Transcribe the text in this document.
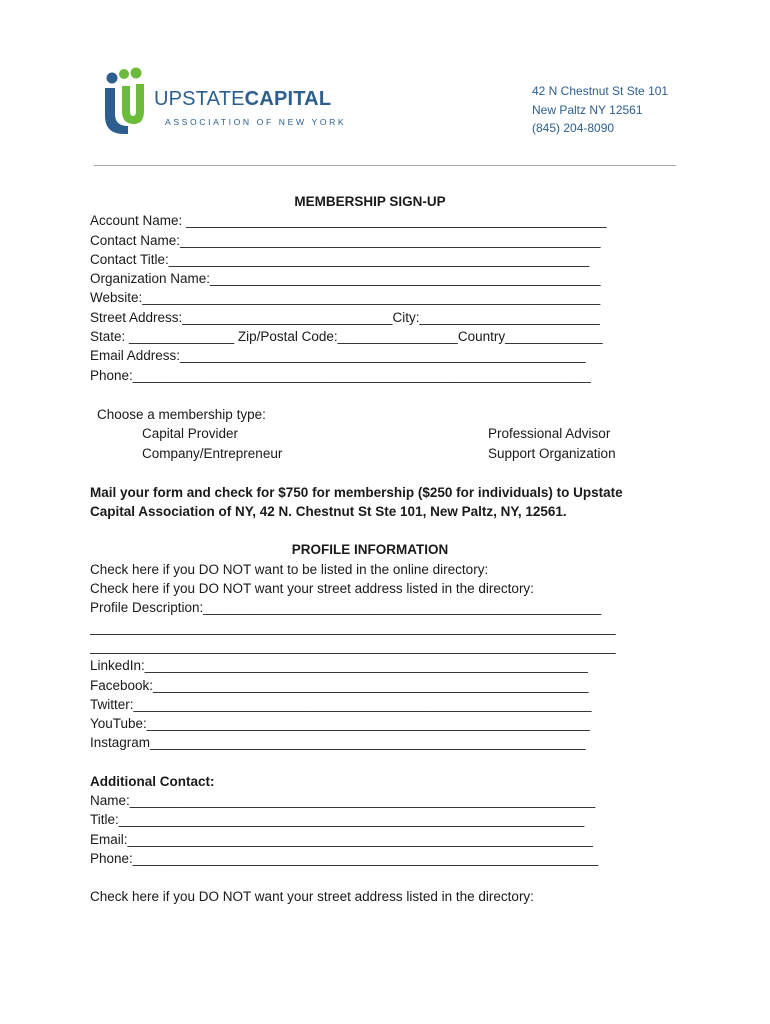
UPSTATECAPITAL
ASSOCIATION OF NEW YORK
42 N Chestnut St Ste 101
New Paltz NY 12561
(845) 204-8090
MEMBERSHIP SIGN-UP
Account Name: ________________________________________________________
Contact Name:________________________________________________________
Contact Title:________________________________________________________
Organization Name:____________________________________________________
Website:_____________________________________________________________
Street Address:____________________________City:________________________
State: ______________ Zip/Postal Code:________________Country_____________
Email Address:______________________________________________________
Phone:_____________________________________________________________
Choose a membership type:
Capital Provider	Professional Advisor
Company/Entrepreneur	Support Organization
Mail your form and check for $750 for membership ($250 for individuals) to Upstate
Capital Association of NY, 42 N. Chestnut St Ste 101, New Paltz, NY, 12561.
PROFILE INFORMATION
Check here if you DO NOT want to be listed in the online directory:
Check here if you DO NOT want your street address listed in the directory:
Profile Description:_____________________________________________________
______________________________________________________________________
______________________________________________________________________
LinkedIn:___________________________________________________________
Facebook:__________________________________________________________
Twitter:_____________________________________________________________
YouTube:___________________________________________________________
Instagram__________________________________________________________
Additional Contact:
Name:______________________________________________________________
Title:______________________________________________________________
Email:______________________________________________________________
Phone:______________________________________________________________
Check here if you DO NOT want your street address listed in the directory:
